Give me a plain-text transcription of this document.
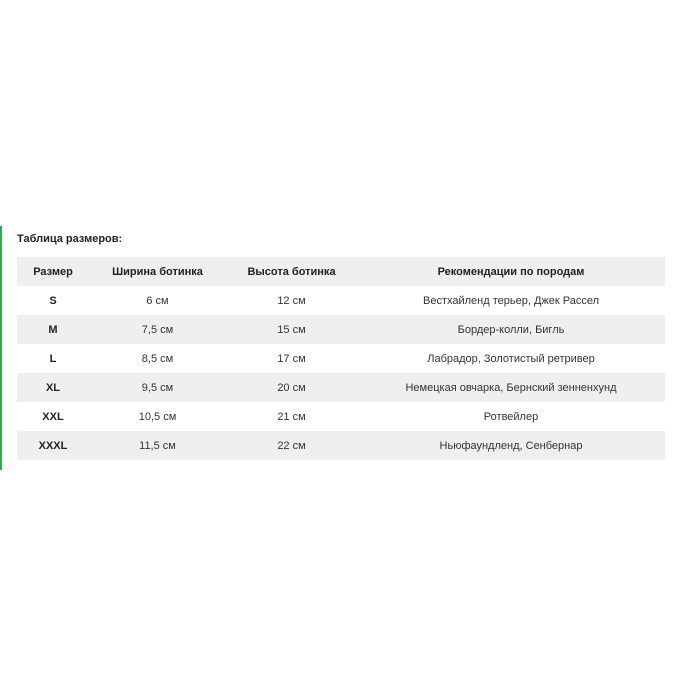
Таблица размеров:
Размер	Ширина ботинка	Высота ботинка	Рекомендации по породам
S	6 см	12 см	Вестхайленд терьер, Джек Рассел
M	7,5 см	15 см	Бордер-колли, Бигль
L	8,5 см	17 см	Лабрадор, Золотистый ретривер
XL	9,5 см	20 см	Немецкая овчарка, Бернский зенненхунд
XXL	10,5 см	21 см	Ротвейлер
XXXL	11,5 см	22 см	Ньюфаундленд, Сенбернар
